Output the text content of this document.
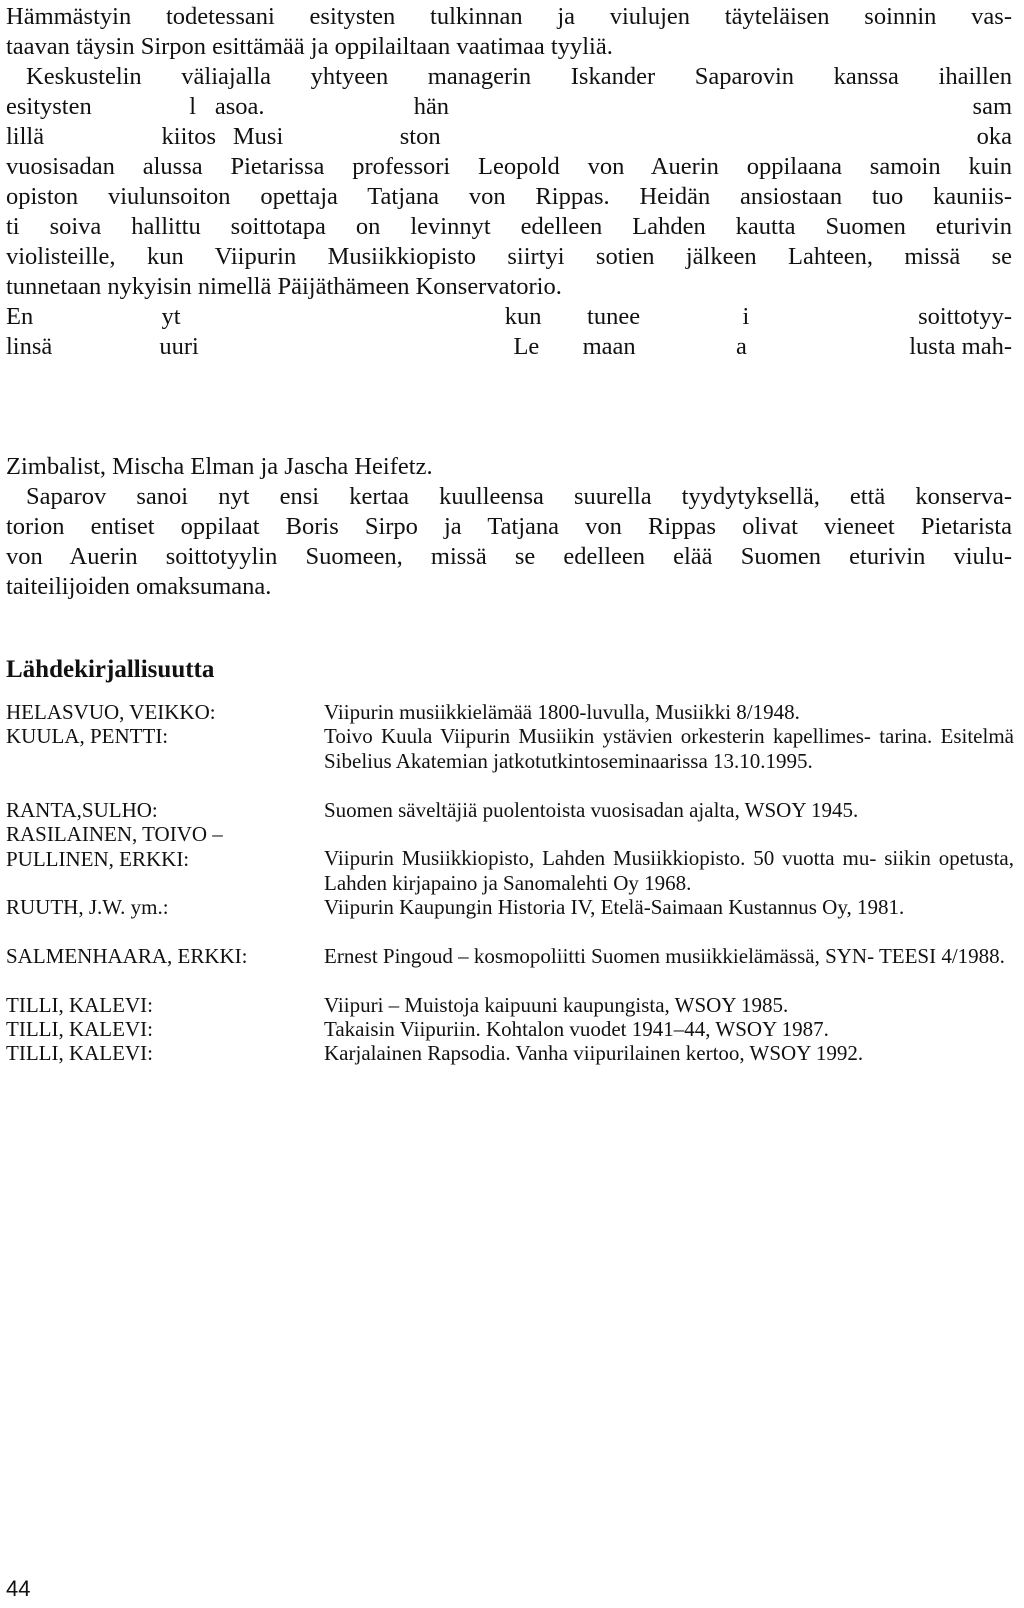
Hämmästyin todetessani esitysten tulkinnan ja viulujen täyteläisen soinnin vas-
taavan täysin Sirpon esittämää ja oppilailtaan vaatimaa tyyliä.
Keskustelin väliajalla yhtyeen managerin Iskander Saparovin kanssa ihaillen
esitysten l asoa.	hän	sam
lillä kiitos Musi	ston	oka
vuosisadan alussa Pietarissa professori Leopold von Auerin oppilaana samoin kuin
opiston viulunsoiton opettaja Tatjana von Rippas. Heidän ansiostaan tuo kauniis-
ti soiva hallittu soittotapa on levinnyt edelleen Lahden kautta Suomen eturivin
violisteille, kun Viipurin Musiikkiopisto siirtyi sotien jälkeen Lahteen, missä se
tunnetaan nykyisin nimellä Päijäthämeen Konservatorio.
En	yt kun tunee	i	soittotyy-
linsä	uuri Le maan	a	lusta mah-
Zimbalist, Mischa Elman ja Jascha Heifetz.
Saparov sanoi nyt ensi kertaa kuulleensa suurella tyydytyksellä, että konserva-
torion entiset oppilaat Boris Sirpo ja Tatjana von Rippas olivat vieneet Pietarista
von Auerin soittotyylin Suomeen, missä se edelleen elää Suomen eturivin viulu-
taiteilijoiden omaksumana.
Lähdekirjallisuutta
HELASVUO, VEIKKO:	Viipurin musiikkielämää 1800-luvulla, Musiikki 8/1948.
KUULA, PENTTI:	Toivo Kuula Viipurin Musiikin ystävien orkesterin kapellimes- tarina. Esitelmä Sibelius Akatemian jatkotutkintoseminaarissa 13.10.1995.
RANTA,SULHO:	Suomen säveltäjiä puolentoista vuosisadan ajalta, WSOY 1945.
RASILAINEN, TOIVO –
PULLINEN, ERKKI:	Viipurin Musiikkiopisto, Lahden Musiikkiopisto. 50 vuotta mu- siikin opetusta, Lahden kirjapaino ja Sanomalehti Oy 1968.
RUUTH, J.W. ym.:	Viipurin Kaupungin Historia IV, Etelä-Saimaan Kustannus Oy, 1981.
SALMENHAARA, ERKKI:	Ernest Pingoud – kosmopoliitti Suomen musiikkielämässä, SYN- TEESI 4/1988.
TILLI, KALEVI:	Viipuri – Muistoja kaipuuni kaupungista, WSOY 1985.
TILLI, KALEVI:	Takaisin Viipuriin. Kohtalon vuodet 1941–44, WSOY 1987.
TILLI, KALEVI:	Karjalainen Rapsodia. Vanha viipurilainen kertoo, WSOY 1992.
44
